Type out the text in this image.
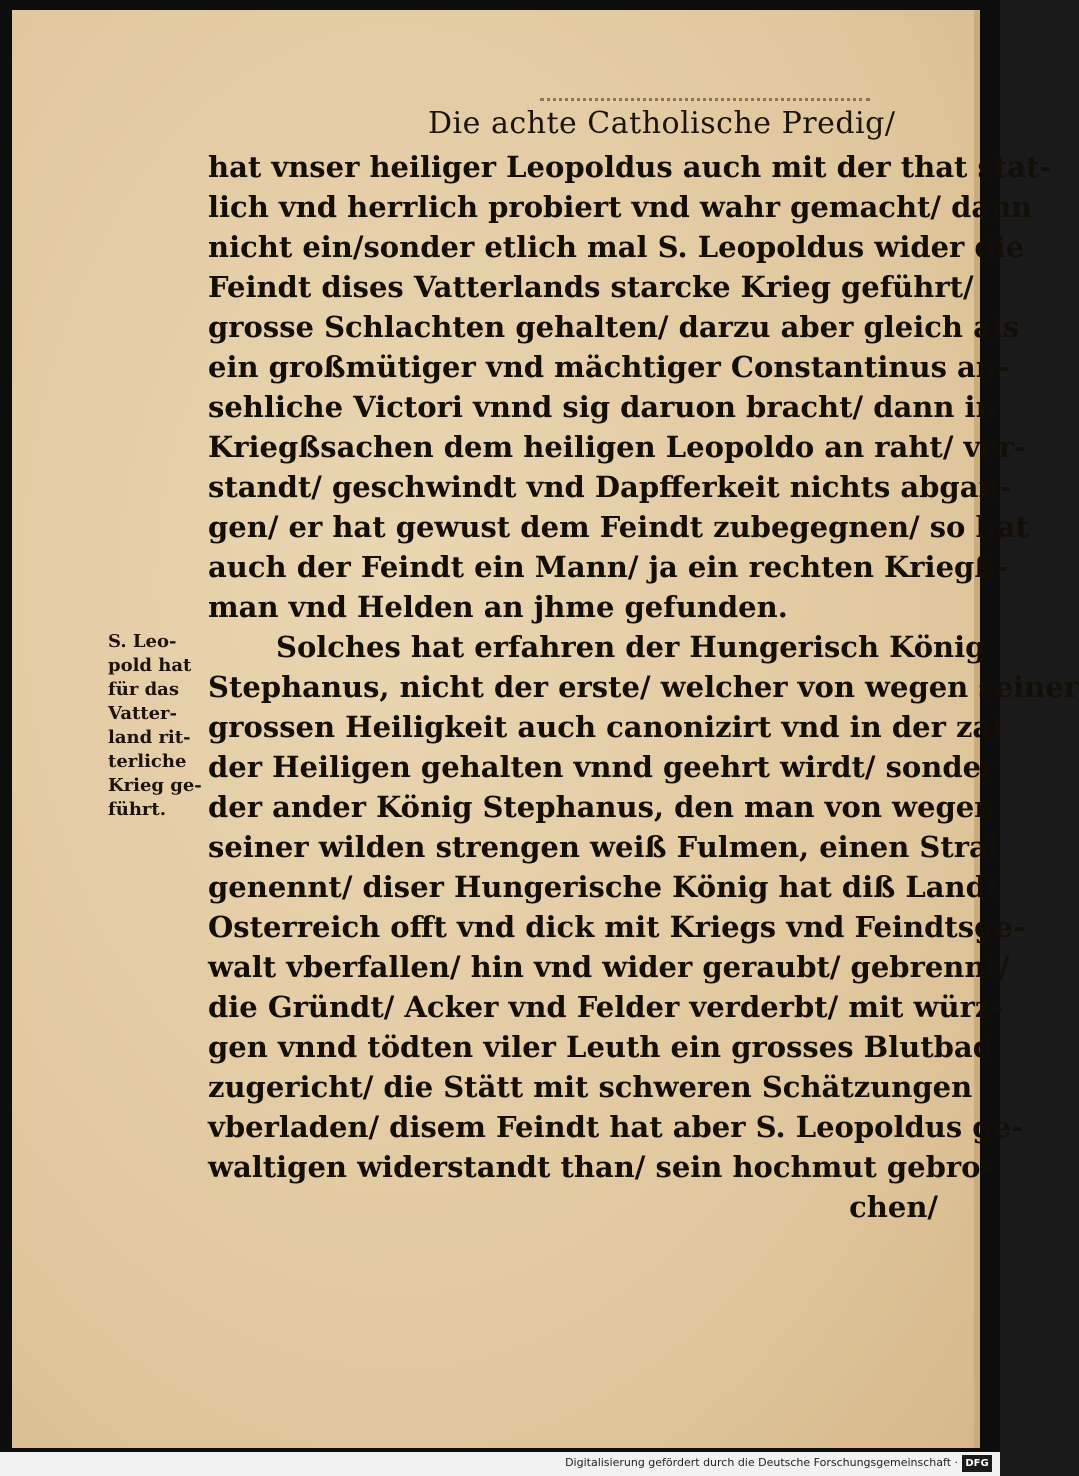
Die achte Catholische Predig/
hat vnser heiliger Leopoldus auch mit der that stat-
lich vnd herrlich probiert vnd wahr gemacht/ dann
nicht ein/sonder etlich mal S. Leopoldus wider die
Feindt dises Vatterlands starcke Krieg geführt/
grosse Schlachten gehalten/ darzu aber gleich als
ein großmütiger vnd mächtiger Constantinus an-
sehliche Victori vnnd sig daruon bracht/ dann in
Kriegßsachen dem heiligen Leopoldo an raht/ ver-
standt/ geschwindt vnd Dapfferkeit nichts abgan-
gen/ er hat gewust dem Feindt zubegegnen/ so hat
auch der Feindt ein Mann/ ja ein rechten Kriegß-
man vnd Helden an jhme gefunden.
Solches hat erfahren der Hungerisch König
Stephanus, nicht der erste/ welcher von wegen seiner
grossen Heiligkeit auch canonizirt vnd in der zal
der Heiligen gehalten vnnd geehrt wirdt/ sonder
der ander König Stephanus, den man von wegen
seiner wilden strengen weiß Fulmen, einen Stral
genennt/ diser Hungerische König hat diß Landt
Osterreich offt vnd dick mit Kriegs vnd Feindtsge-
walt vberfallen/ hin vnd wider geraubt/ gebrennt/
die Gründt/ Acker vnd Felder verderbt/ mit würz-
gen vnnd tödten viler Leuth ein grosses Blutbad
zugericht/ die Stätt mit schweren Schätzungen
vberladen/ disem Feindt hat aber S. Leopoldus ge-
waltigen widerstandt than/ sein hochmut gebro-
chen/
S. Leo-
pold hat
für das
Vatter-
land rit-
terliche
Krieg ge-
führt.
Digitalisierung gefördert durch die Deutsche Forschungsgemeinschaft · DFG
